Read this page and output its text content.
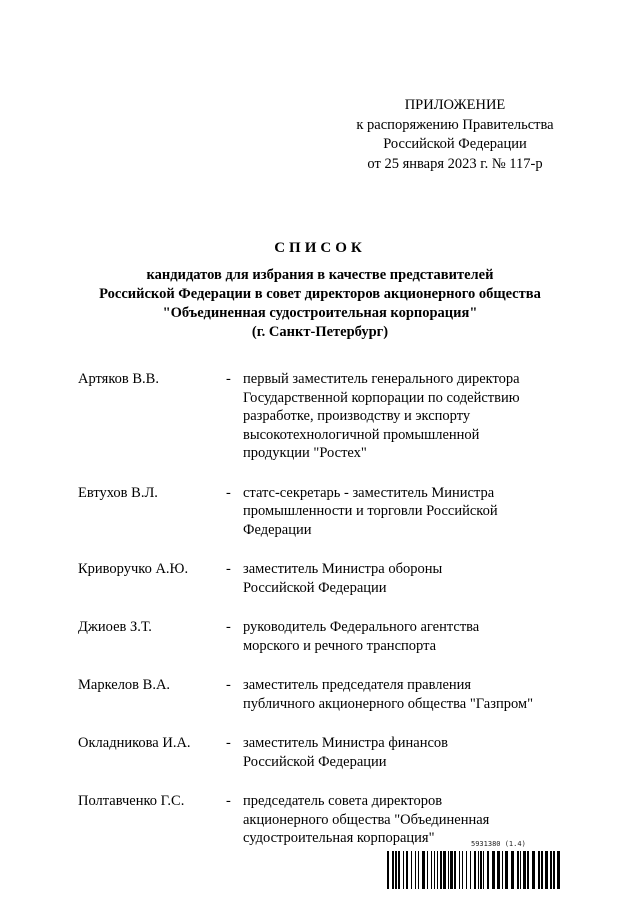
ПРИЛОЖЕНИЕ
к распоряжению Правительства
Российской Федерации
от 25 января 2023 г. № 117-р
СПИСОК
кандидатов для избрания в качестве представителей
Российской Федерации в совет директоров акционерного общества
"Объединенная судостроительная корпорация"
(г. Санкт-Петербург)
Артяков В.В.	- первый заместитель генерального директора
Государственной корпорации по содействию
разработке, производству и экспорту
высокотехнологичной промышленной
продукции "Ростех"
Евтухов В.Л.	- статс-секретарь - заместитель Министра
промышленности и торговли Российской
Федерации
Криворучко А.Ю.	- заместитель Министра обороны
Российской Федерации
Джиоев З.Т.	- руководитель Федерального агентства
морского и речного транспорта
Маркелов В.А.	- заместитель председателя правления
публичного акционерного общества "Газпром"
Окладникова И.А. - заместитель Министра финансов
Российской Федерации
Полтавченко Г.С.	- председатель совета директоров
акционерного общества "Объединенная
судостроительная корпорация"	5931380 (1.4)
